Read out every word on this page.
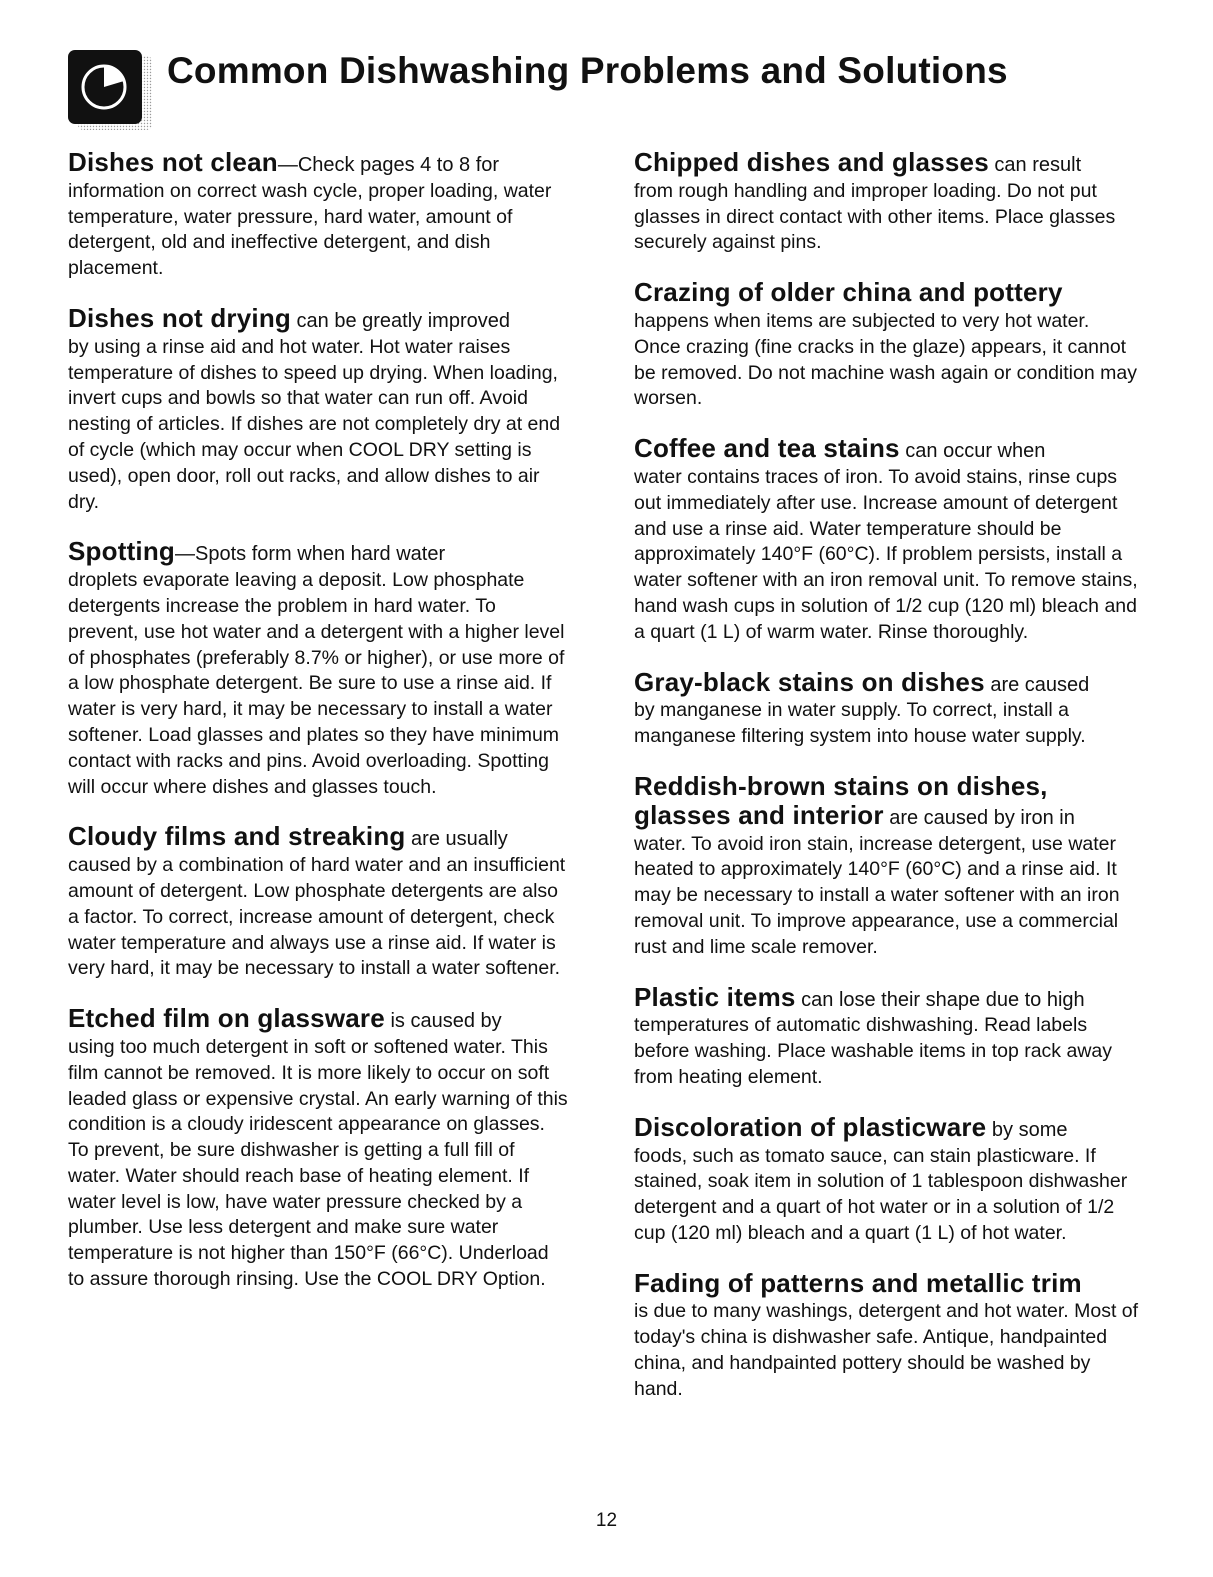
Common Dishwashing Problems and Solutions

Dishes not clean—Check pages 4 to 8 for
information on correct wash cycle, proper loading, water temperature, water pressure, hard water, amount of detergent, old and ineffective detergent, and dish placement.

Dishes not drying can be greatly improved
by using a rinse aid and hot water. Hot water raises temperature of dishes to speed up drying. When loading, invert cups and bowls so that water can run off. Avoid nesting of articles. If dishes are not completely dry at end of cycle (which may occur when COOL DRY setting is used), open door, roll out racks, and allow dishes to air dry.

Spotting—Spots form when hard water
droplets evaporate leaving a deposit. Low phosphate detergents increase the problem in hard water. To prevent, use hot water and a detergent with a higher level of phosphates (preferably 8.7% or higher), or use more of a low phosphate detergent. Be sure to use a rinse aid. If water is very hard, it may be necessary to install a water softener. Load glasses and plates so they have minimum contact with racks and pins. Avoid overloading. Spotting will occur where dishes and glasses touch.

Cloudy films and streaking are usually
caused by a combination of hard water and an insufficient amount of detergent. Low phosphate detergents are also a factor. To correct, increase amount of detergent, check water temperature and always use a rinse aid. If water is very hard, it may be necessary to install a water softener.

Etched film on glassware is caused by
using too much detergent in soft or softened water. This film cannot be removed. It is more likely to occur on soft leaded glass or expensive crystal. An early warning of this condition is a cloudy iridescent appearance on glasses. To prevent, be sure dishwasher is getting a full fill of water. Water should reach base of heating element. If water level is low, have water pressure checked by a plumber. Use less detergent and make sure water temperature is not higher than 150°F (66°C). Underload to assure thorough rinsing. Use the COOL DRY Option.

Chipped dishes and glasses can result
from rough handling and improper loading. Do not put glasses in direct contact with other items. Place glasses securely against pins.

Crazing of older china and pottery
happens when items are subjected to very hot water. Once crazing (fine cracks in the glaze) appears, it cannot be removed. Do not machine wash again or condition may worsen.

Coffee and tea stains can occur when
water contains traces of iron. To avoid stains, rinse cups out immediately after use. Increase amount of detergent and use a rinse aid. Water temperature should be approximately 140°F (60°C). If problem persists, install a water softener with an iron removal unit. To remove stains, hand wash cups in solution of 1/2 cup (120 ml) bleach and a quart (1 L) of warm water. Rinse thoroughly.

Gray-black stains on dishes are caused
by manganese in water supply. To correct, install a manganese filtering system into house water supply.

Reddish-brown stains on dishes, glasses and interior are caused by iron in
water. To avoid iron stain, increase detergent, use water heated to approximately 140°F (60°C) and a rinse aid. It may be necessary to install a water softener with an iron removal unit. To improve appearance, use a commercial rust and lime scale remover.

Plastic items can lose their shape due to high
temperatures of automatic dishwashing. Read labels before washing. Place washable items in top rack away from heating element.

Discoloration of plasticware by some
foods, such as tomato sauce, can stain plasticware. If stained, soak item in solution of 1 tablespoon dishwasher detergent and a quart of hot water or in a solution of 1/2 cup (120 ml) bleach and a quart (1 L) of hot water.

Fading of patterns and metallic trim
is due to many washings, detergent and hot water. Most of today's china is dishwasher safe. Antique, handpainted china, and handpainted pottery should be washed by hand.

12
